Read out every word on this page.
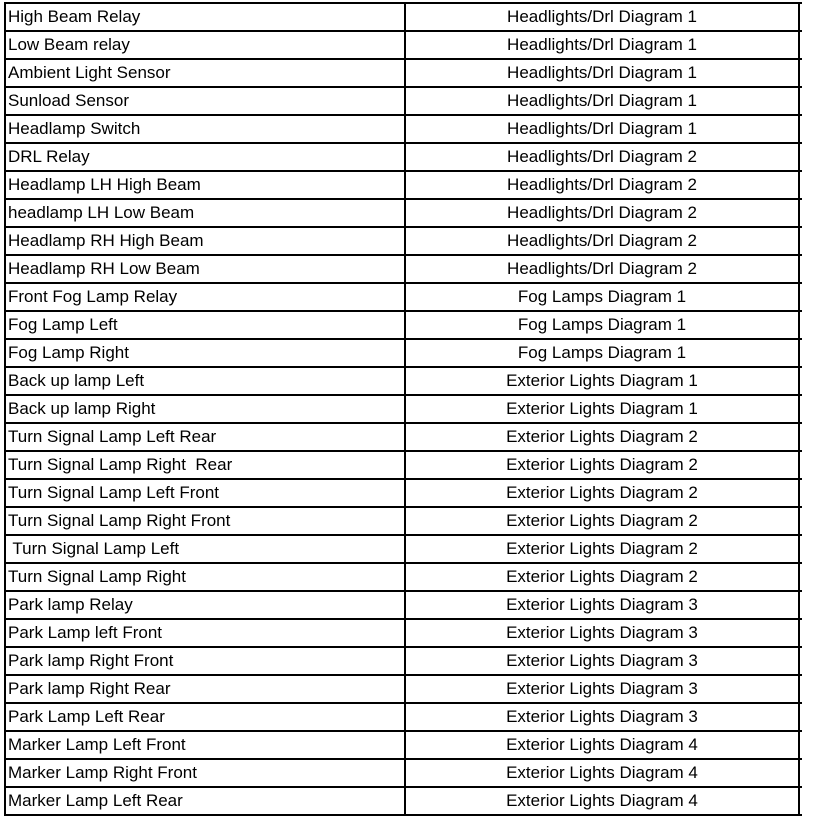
High Beam Relay	Headlights/Drl Diagram 1
Low Beam relay	Headlights/Drl Diagram 1
Ambient Light Sensor	Headlights/Drl Diagram 1
Sunload Sensor	Headlights/Drl Diagram 1
Headlamp Switch	Headlights/Drl Diagram 1
DRL Relay	Headlights/Drl Diagram 2
Headlamp LH High Beam	Headlights/Drl Diagram 2
headlamp LH Low Beam	Headlights/Drl Diagram 2
Headlamp RH High Beam	Headlights/Drl Diagram 2
Headlamp RH Low Beam	Headlights/Drl Diagram 2
Front Fog Lamp Relay	Fog Lamps Diagram 1
Fog Lamp Left	Fog Lamps Diagram 1
Fog Lamp Right	Fog Lamps Diagram 1
Back up lamp Left	Exterior Lights Diagram 1
Back up lamp Right	Exterior Lights Diagram 1
Turn Signal Lamp Left Rear	Exterior Lights Diagram 2
Turn Signal Lamp Right  Rear	Exterior Lights Diagram 2
Turn Signal Lamp Left Front	Exterior Lights Diagram 2
Turn Signal Lamp Right Front	Exterior Lights Diagram 2
Turn Signal Lamp Left	Exterior Lights Diagram 2
Turn Signal Lamp Right	Exterior Lights Diagram 2
Park lamp Relay	Exterior Lights Diagram 3
Park Lamp left Front	Exterior Lights Diagram 3
Park lamp Right Front	Exterior Lights Diagram 3
Park lamp Right Rear	Exterior Lights Diagram 3
Park Lamp Left Rear	Exterior Lights Diagram 3
Marker Lamp Left Front	Exterior Lights Diagram 4
Marker Lamp Right Front	Exterior Lights Diagram 4
Marker Lamp Left Rear	Exterior Lights Diagram 4
